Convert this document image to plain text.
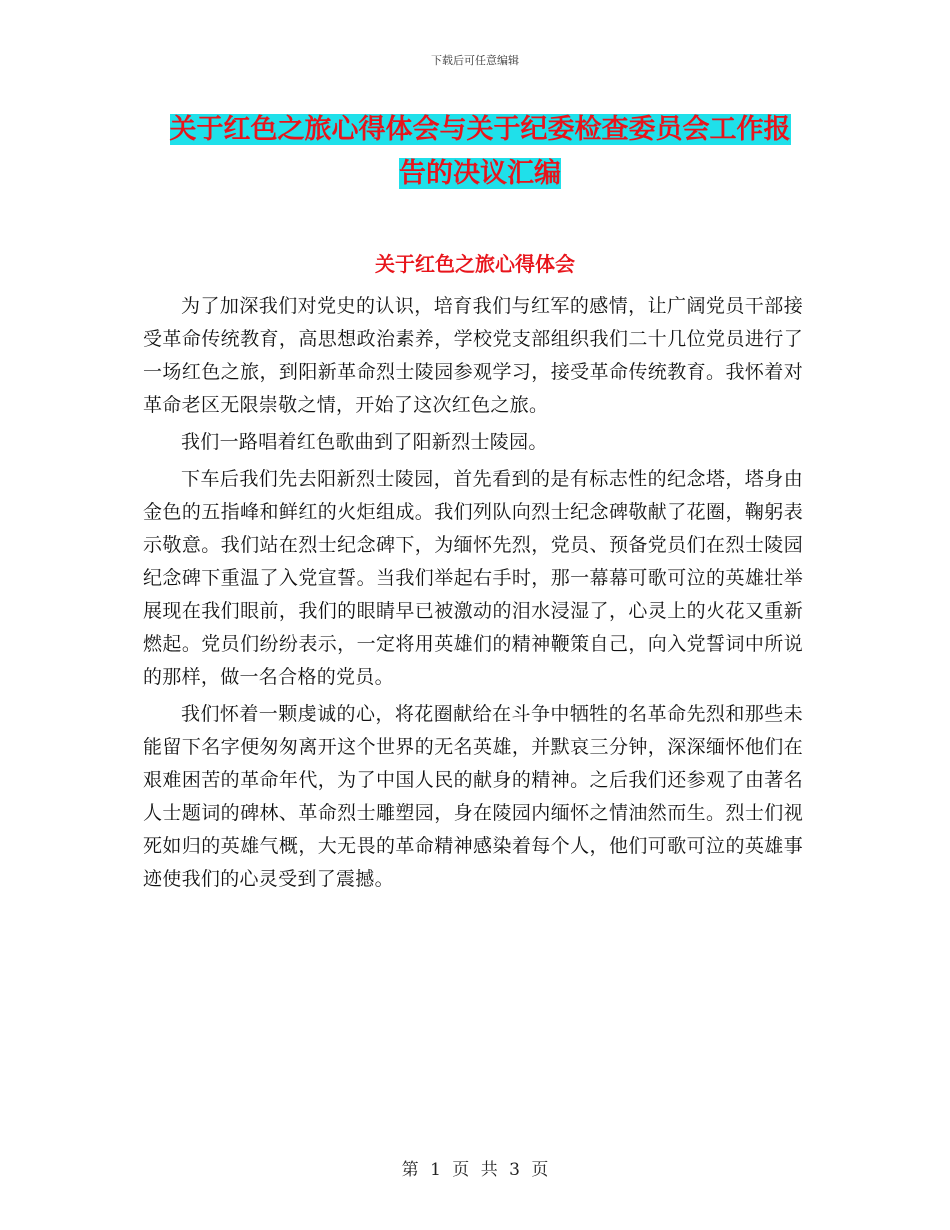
下载后可任意编辑
关于红色之旅心得体会与关于纪委检查委员会工作报
告的决议汇编
关于红色之旅心得体会

为了加深我们对党史的认识，培育我们与红军的感情，让广阔党员干部接受革命传统教育，高思想政治素养，学校党支部组织我们二十几位党员进行了一场红色之旅，到阳新革命烈士陵园参观学习，接受革命传统教育。我怀着对革命老区无限崇敬之情，开始了这次红色之旅。

我们一路唱着红色歌曲到了阳新烈士陵园。

下车后我们先去阳新烈士陵园，首先看到的是有标志性的纪念塔，塔身由金色的五指峰和鲜红的火炬组成。我们列队向烈士纪念碑敬献了花圈，鞠躬表示敬意。我们站在烈士纪念碑下，为缅怀先烈，党员、预备党员们在烈士陵园纪念碑下重温了入党宣誓。当我们举起右手时，那一幕幕可歌可泣的英雄壮举展现在我们眼前，我们的眼睛早已被激动的泪水浸湿了，心灵上的火花又重新燃起。党员们纷纷表示，一定将用英雄们的精神鞭策自己，向入党誓词中所说的那样，做一名合格的党员。

我们怀着一颗虔诚的心，将花圈献给在斗争中牺牲的名革命先烈和那些未能留下名字便匆匆离开这个世界的无名英雄，并默哀三分钟，深深缅怀他们在艰难困苦的革命年代，为了中国人民的献身的精神。之后我们还参观了由著名人士题词的碑林、革命烈士雕塑园，身在陵园内缅怀之情油然而生。烈士们视死如归的英雄气概，大无畏的革命精神感染着每个人，他们可歌可泣的英雄事迹使我们的心灵受到了震撼。

第 1 页 共 3 页
